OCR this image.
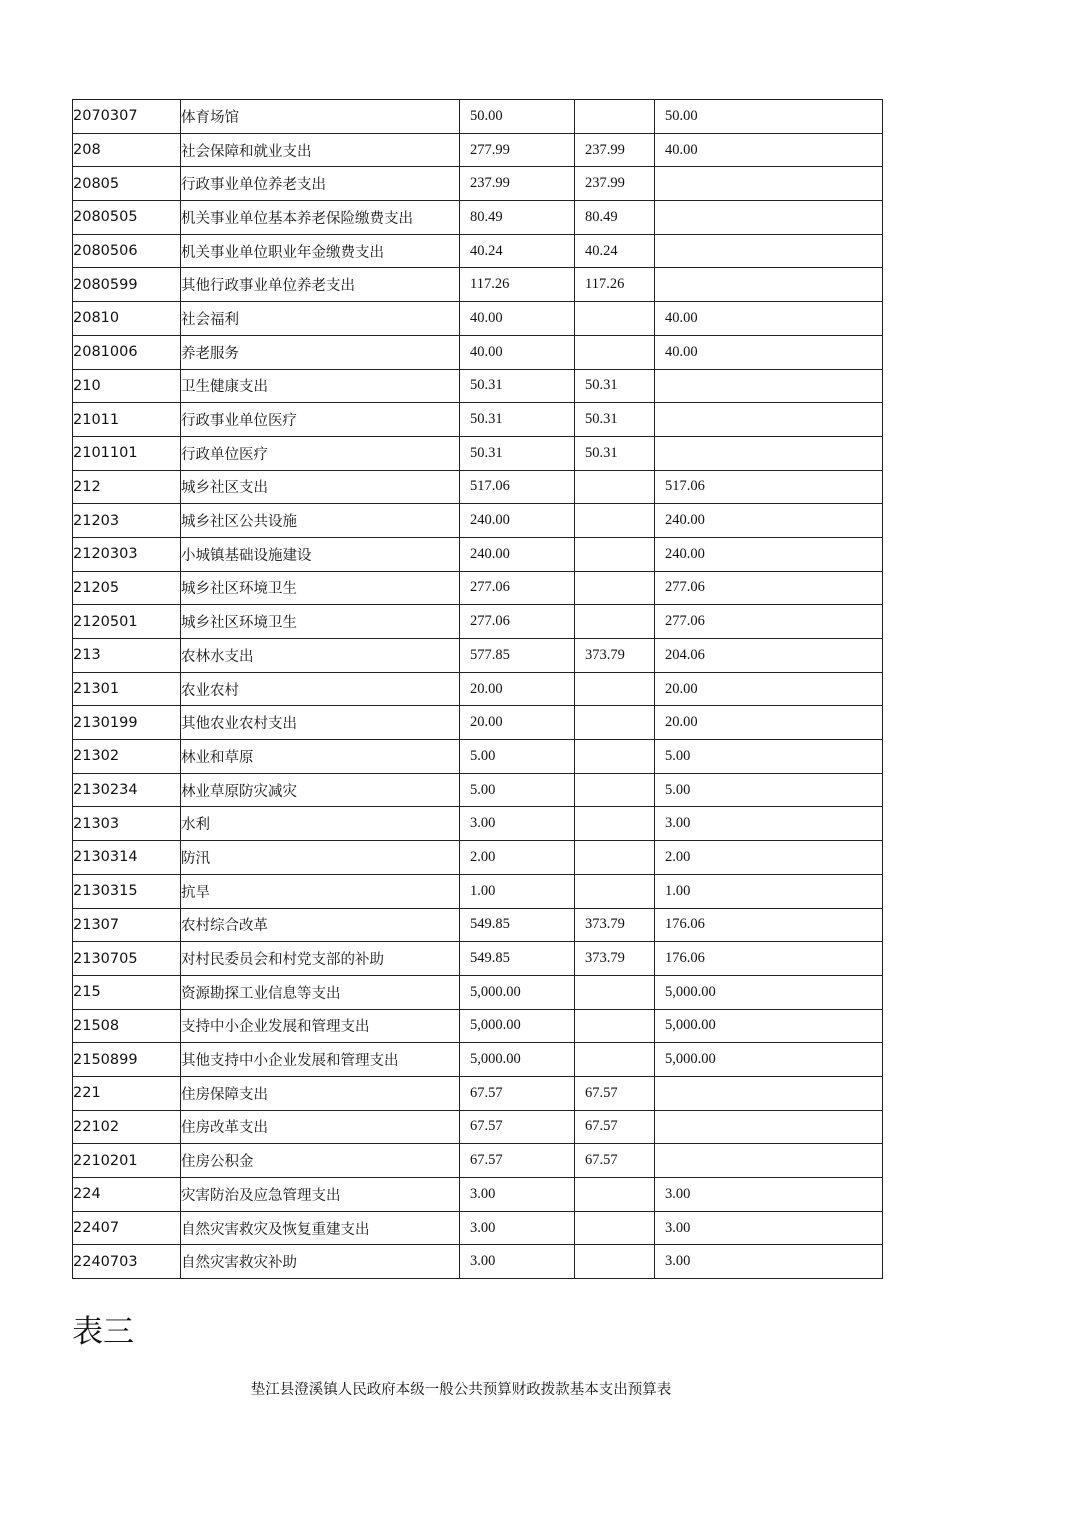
2070307	体育场馆	50.00		50.00
208	社会保障和就业支出	277.99	237.99	40.00
20805	行政事业单位养老支出	237.99	237.99	
2080505	机关事业单位基本养老保险缴费支出	80.49	80.49	
2080506	机关事业单位职业年金缴费支出	40.24	40.24	
2080599	其他行政事业单位养老支出	117.26	117.26	
20810	社会福利	40.00		40.00
2081006	养老服务	40.00		40.00
210	卫生健康支出	50.31	50.31	
21011	行政事业单位医疗	50.31	50.31	
2101101	行政单位医疗	50.31	50.31	
212	城乡社区支出	517.06		517.06
21203	城乡社区公共设施	240.00		240.00
2120303	小城镇基础设施建设	240.00		240.00
21205	城乡社区环境卫生	277.06		277.06
2120501	城乡社区环境卫生	277.06		277.06
213	农林水支出	577.85	373.79	204.06
21301	农业农村	20.00		20.00
2130199	其他农业农村支出	20.00		20.00
21302	林业和草原	5.00		5.00
2130234	林业草原防灾减灾	5.00		5.00
21303	水利	3.00		3.00
2130314	防汛	2.00		2.00
2130315	抗旱	1.00		1.00
21307	农村综合改革	549.85	373.79	176.06
2130705	对村民委员会和村党支部的补助	549.85	373.79	176.06
215	资源勘探工业信息等支出	5,000.00		5,000.00
21508	支持中小企业发展和管理支出	5,000.00		5,000.00
2150899	其他支持中小企业发展和管理支出	5,000.00		5,000.00
221	住房保障支出	67.57	67.57	
22102	住房改革支出	67.57	67.57	
2210201	住房公积金	67.57	67.57	
224	灾害防治及应急管理支出	3.00		3.00
22407	自然灾害救灾及恢复重建支出	3.00		3.00
2240703	自然灾害救灾补助	3.00		3.00
表三

垫江县澄溪镇人民政府本级一般公共预算财政拨款基本支出预算表
